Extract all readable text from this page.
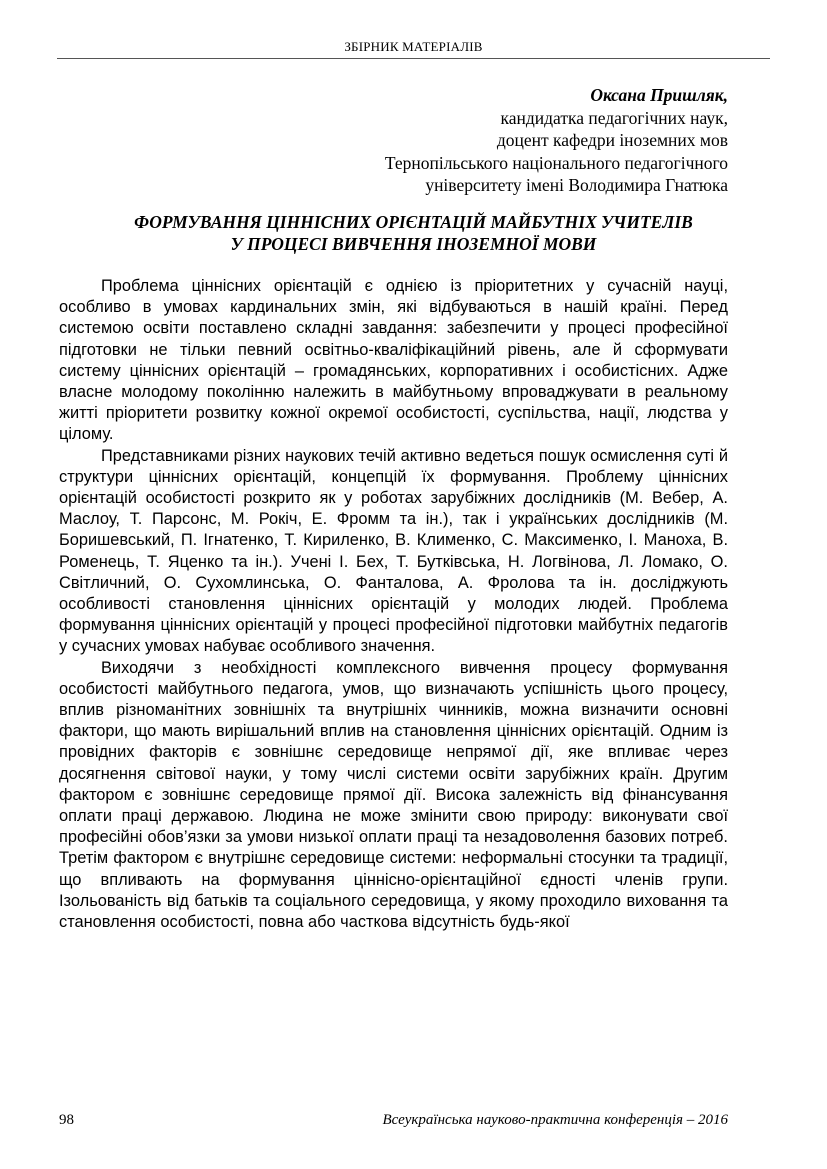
ЗБІРНИК МАТЕРІАЛІВ
Оксана Пришляк,
кандидатка педагогічних наук,
доцент кафедри іноземних мов
Тернопільського національного педагогічного
університету імені Володимира Гнатюка
ФОРМУВАННЯ ЦІННІСНИХ ОРІЄНТАЦІЙ МАЙБУТНІХ УЧИТЕЛІВ
У ПРОЦЕСІ ВИВЧЕННЯ ІНОЗЕМНОЇ МОВИ

Проблема ціннісних орієнтацій є однією із пріоритетних у сучасній науці, особливо в умовах кардинальних змін, які відбуваються в нашій країні. Перед системою освіти поставлено складні завдання: забезпечити у процесі професійної підготовки не тільки певний освітньо-кваліфікаційний рівень, але й сформувати систему ціннісних орієнтацій – громадянських, корпоративних і особистісних. Адже власне молодому поколінню належить в майбутньому впроваджувати в реальному житті пріоритети розвитку кожної окремої особистості, суспільства, нації, людства у цілому.

Представниками різних наукових течій активно ведеться пошук осмислення суті й структури ціннісних орієнтацій, концепцій їх формування. Проблему ціннісних орієнтацій особистості розкрито як у роботах зарубіжних дослідників (М. Вебер, А. Маслоу, Т. Парсонс, М. Рокіч, Е. Фромм та ін.), так і українських дослідників (М. Боришевський, П. Ігнатенко, Т. Кириленко, В. Клименко, С. Максименко, І. Маноха, В. Роменець, Т. Яценко та ін.). Учені І. Бех, Т. Бутківська, Н. Логвінова, Л. Ломако, О. Світличний, О. Сухомлинська, О. Фанталова, А. Фролова та ін. досліджують особливості становлення ціннісних орієнтацій у молодих людей. Проблема формування ціннісних орієнтацій у процесі професійної підготовки майбутніх педагогів у сучасних умовах набуває особливого значення.

Виходячи з необхідності комплексного вивчення процесу формування особистості майбутнього педагога, умов, що визначають успішність цього процесу, вплив різноманітних зовнішніх та внутрішніх чинників, можна визначити основні фактори, що мають вирішальний вплив на становлення ціннісних орієнтацій. Одним із провідних факторів є зовнішнє середовище непрямої дії, яке впливає через досягнення світової науки, у тому числі системи освіти зарубіжних країн. Другим фактором є зовнішнє середовище прямої дії. Висока залежність від фінансування оплати праці державою. Людина не може змінити свою природу: виконувати свої професійні обов’язки за умови низької оплати праці та незадоволення базових потреб. Третім фактором є внутрішнє середовище системи: неформальні стосунки та традиції, що впливають на формування ціннісно-орієнтаційної єдності членів групи. Ізольованість від батьків та соціального середовища, у якому проходило виховання та становлення особистості, повна або часткова відсутність будь-якої

98	Всеукраїнська науково-практична конференція – 2016
